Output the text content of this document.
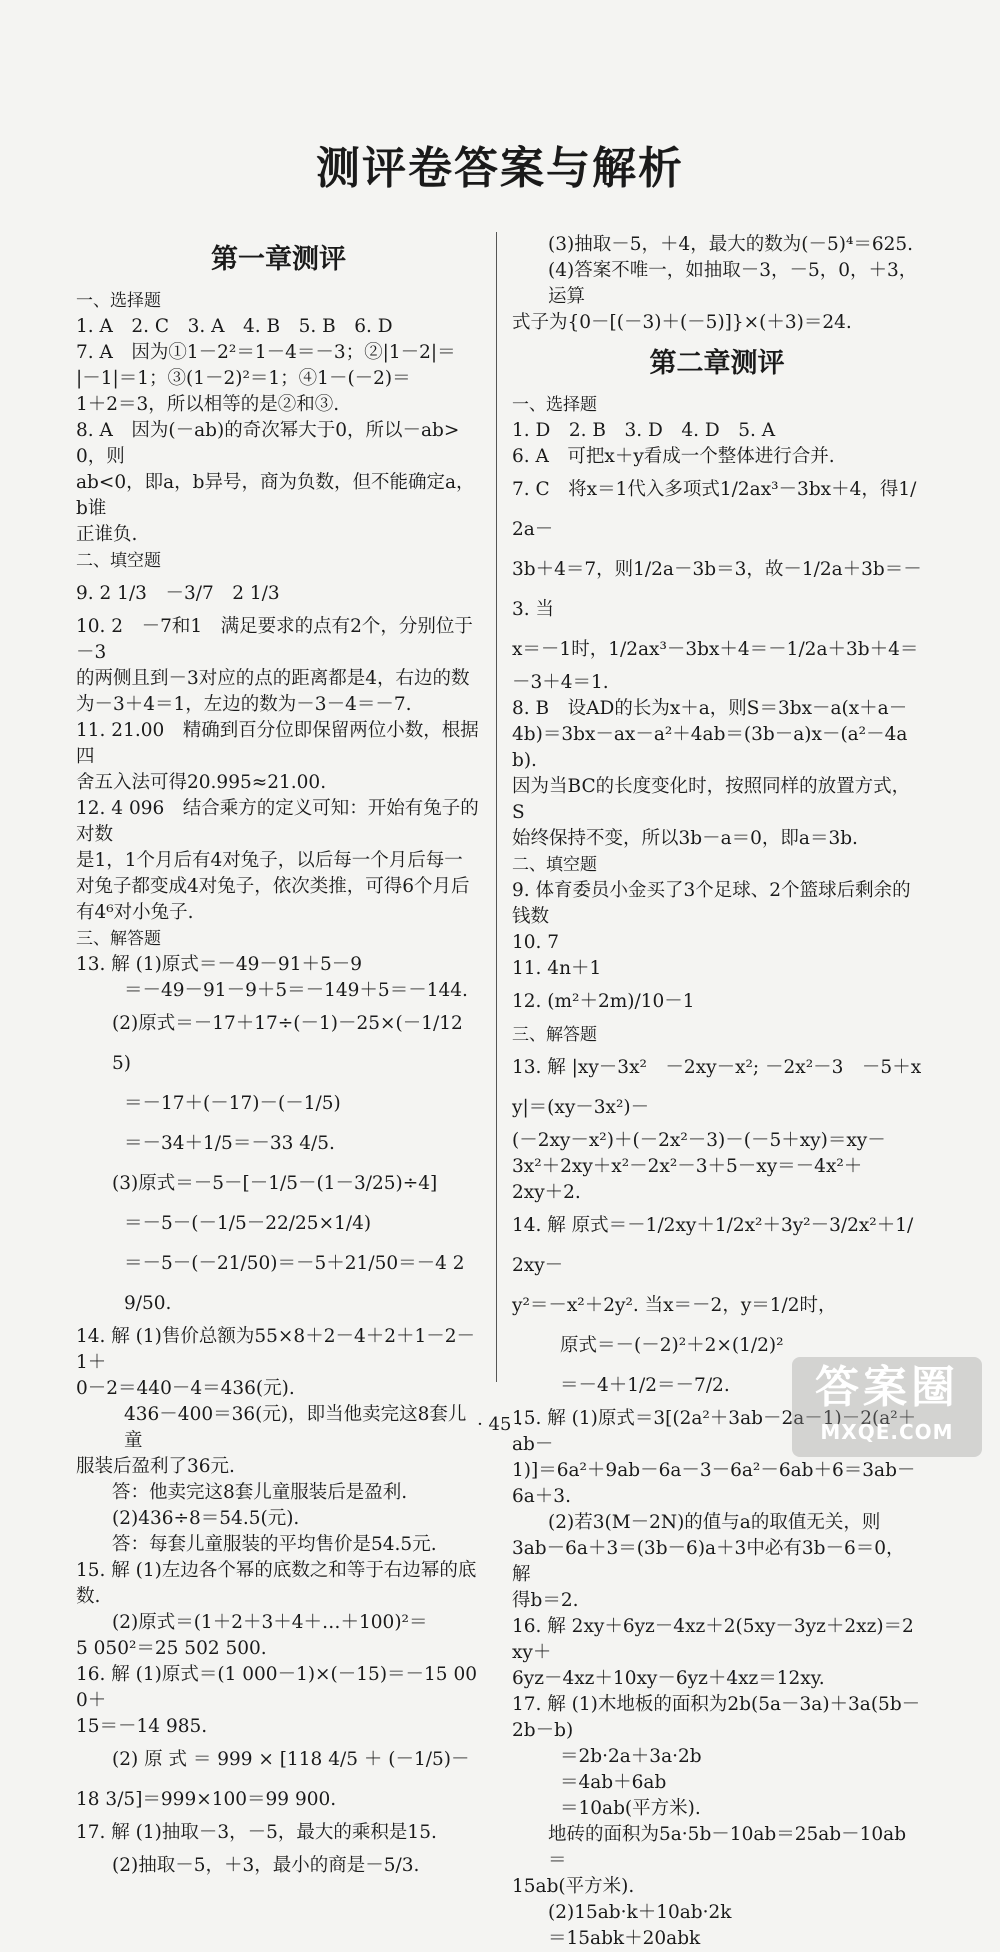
测评卷答案与解析
第一章测评
一、选择题
1. A　2. C　3. A　4. B　5. B　6. D
7. A　因为①1－2²＝1－4＝－3；②|1－2|＝
|－1|＝1；③(1－2)²＝1；④1－(－2)＝
1＋2＝3，所以相等的是②和③.
8. A　因为(－ab)的奇次幂大于0，所以－ab>0，则
ab<0，即a，b异号，商为负数，但不能确定a，b谁
正谁负.
二、填空题
9. 2 1/3　－3/7　2 1/3
10. 2　－7和1　满足要求的点有2个，分别位于－3
的两侧且到－3对应的点的距离都是4，右边的数
为－3＋4＝1，左边的数为－3－4＝－7.
11. 21.00　精确到百分位即保留两位小数，根据四
舍五入法可得20.995≈21.00.
12. 4 096　结合乘方的定义可知：开始有兔子的对数
是1，1个月后有4对兔子，以后每一个月后每一
对兔子都变成4对兔子，依次类推，可得6个月后
有4⁶对小兔子.
三、解答题
13. 解 (1)原式＝－49－91＋5－9
＝－49－91－9＋5＝－149＋5＝－144.
(2)原式＝－17＋17÷(－1)－25×(－1/125)
＝－17＋(－17)－(－1/5)
＝－34＋1/5＝－33 4/5.
(3)原式＝－5－[－1/5－(1－3/25)÷4]
＝－5－(－1/5－22/25×1/4)
＝－5－(－21/50)＝－5＋21/50＝－4 29/50.
14. 解 (1)售价总额为55×8＋2－4＋2＋1－2－1＋
0－2＝440－4＝436(元).
436－400＝36(元)，即当他卖完这8套儿童
服装后盈利了36元.
答：他卖完这8套儿童服装后是盈利.
(2)436÷8＝54.5(元).
答：每套儿童服装的平均售价是54.5元.
15. 解 (1)左边各个幂的底数之和等于右边幂的底数.
(2)原式＝(1＋2＋3＋4＋…＋100)²＝
5 050²＝25 502 500.
16. 解 (1)原式＝(1 000－1)×(－15)＝－15 000＋
15＝－14 985.
(2) 原 式 ＝ 999 × [118 4/5 ＋ (－1/5)－
18 3/5]＝999×100＝99 900.
17. 解 (1)抽取－3，－5，最大的乘积是15.
(2)抽取－5，＋3，最小的商是－5/3.
(3)抽取－5，＋4，最大的数为(－5)⁴＝625.
(4)答案不唯一，如抽取－3，－5，0，＋3，运算
式子为{0－[(－3)＋(－5)]}×(＋3)＝24.
第二章测评
一、选择题
1. D　2. B　3. D　4. D　5. A
6. A　可把x＋y看成一个整体进行合并.
7. C　将x＝1代入多项式1/2ax³－3bx＋4，得1/2a－
3b＋4＝7，则1/2a－3b＝3，故－1/2a＋3b＝－3. 当
x＝－1时，1/2ax³－3bx＋4＝－1/2a＋3b＋4＝
－3＋4＝1.
8. B　设AD的长为x＋a，则S＝3bx－a(x＋a－
4b)＝3bx－ax－a²＋4ab＝(3b－a)x－(a²－4ab).
因为当BC的长度变化时，按照同样的放置方式，S
始终保持不变，所以3b－a＝0，即a＝3b.
二、填空题
9. 体育委员小金买了3个足球、2个篮球后剩余的钱数
10. 7
11. 4n＋1
12. (m²＋2m)/10－1
三、解答题
13. 解 |xy－3x²　－2xy－x²; －2x²－3　－5＋xy|＝(xy－3x²)－
(－2xy－x²)＋(－2x²－3)－(－5＋xy)＝xy－
3x²＋2xy＋x²－2x²－3＋5－xy＝－4x²＋
2xy＋2.
14. 解 原式＝－1/2xy＋1/2x²＋3y²－3/2x²＋1/2xy－
y²＝－x²＋2y². 当x＝－2，y＝1/2时，
原式＝－(－2)²＋2×(1/2)²
＝－4＋1/2＝－7/2.
15. 解 (1)原式＝3[(2a²＋3ab－2a－1)－2(a²＋ab－
1)]＝6a²＋9ab－6a－3－6a²－6ab＋6＝3ab－
6a＋3.
(2)若3(M－2N)的值与a的取值无关，则
3ab－6a＋3＝(3b－6)a＋3中必有3b－6＝0，解
得b＝2.
16. 解 2xy＋6yz－4xz＋2(5xy－3yz＋2xz)＝2xy＋
6yz－4xz＋10xy－6yz＋4xz＝12xy.
17. 解 (1)木地板的面积为2b(5a－3a)＋3a(5b－
2b－b)
＝2b·2a＋3a·2b
＝4ab＋6ab
＝10ab(平方米).
地砖的面积为5a·5b－10ab＝25ab－10ab＝
15ab(平方米).
(2)15ab·k＋10ab·2k
＝15abk＋20abk
· 45 ·
答案圈
MXQE.COM
